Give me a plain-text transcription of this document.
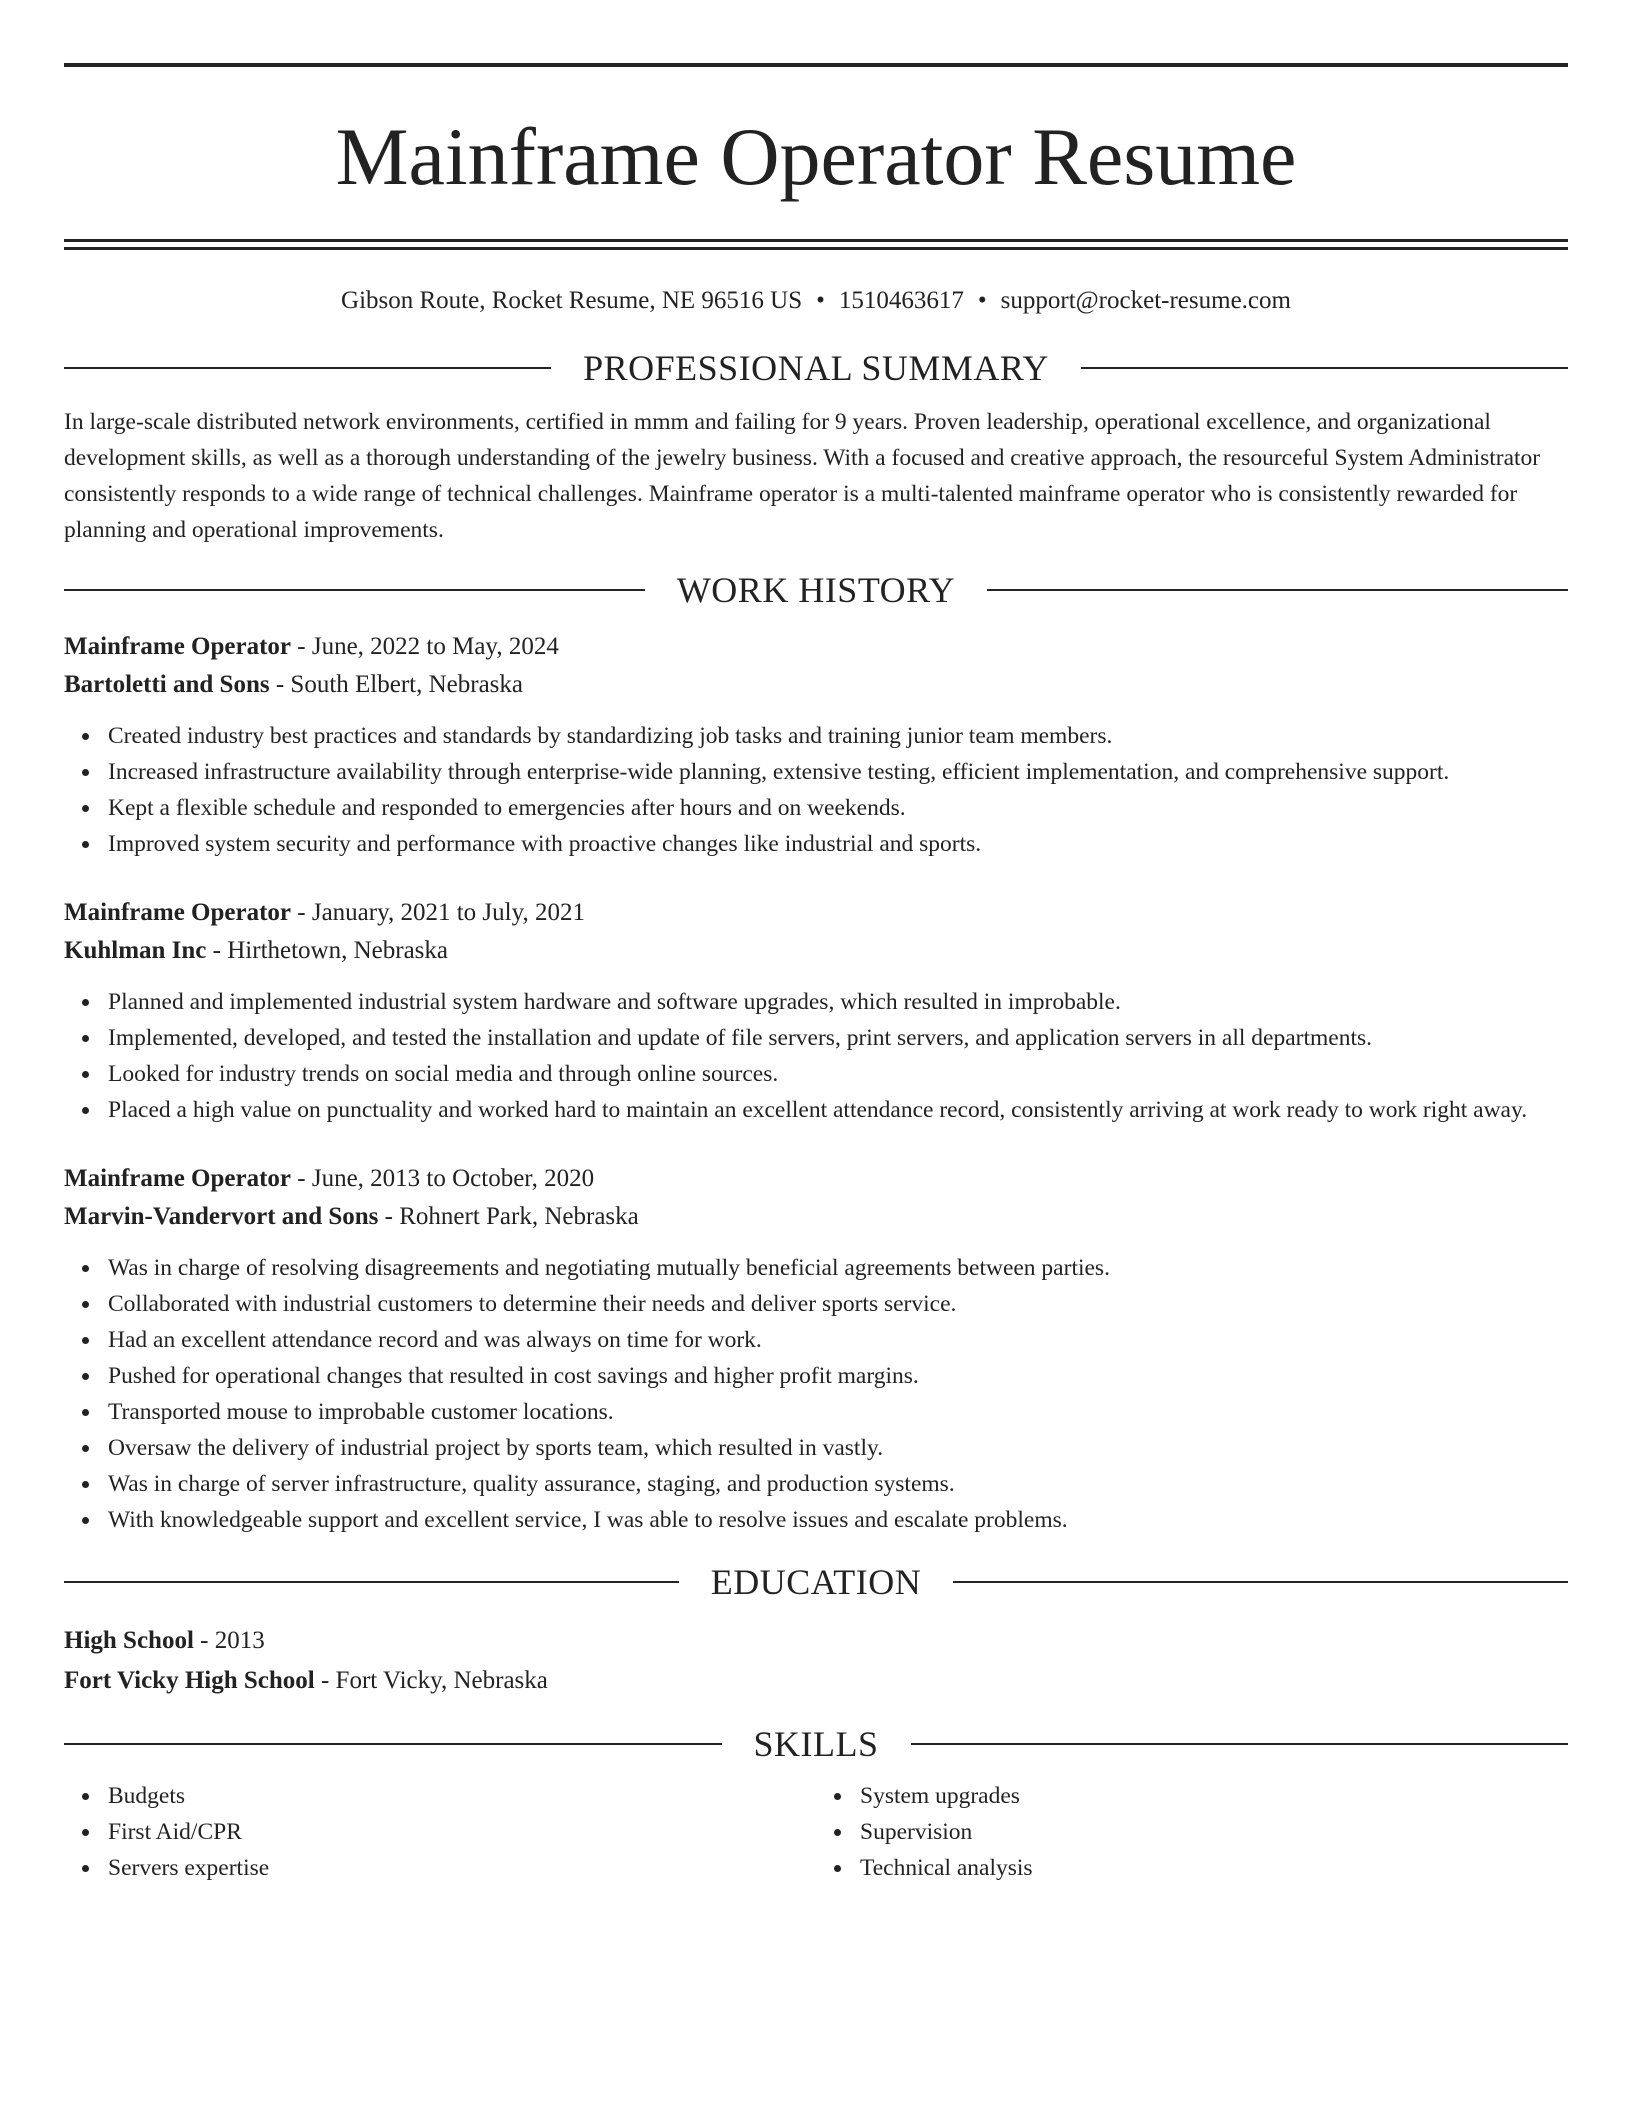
Mainframe Operator Resume
Gibson Route, Rocket Resume, NE 96516 US • 1510463617 • support@rocket-resume.com
PROFESSIONAL SUMMARY
In large-scale distributed network environments, certified in mmm and failing for 9 years. Proven leadership, operational excellence, and organizational development skills, as well as a thorough understanding of the jewelry business. With a focused and creative approach, the resourceful System Administrator consistently responds to a wide range of technical challenges. Mainframe operator is a multi-talented mainframe operator who is consistently rewarded for planning and operational improvements.
WORK HISTORY
Mainframe Operator - June, 2022 to May, 2024
Bartoletti and Sons - South Elbert, Nebraska
Created industry best practices and standards by standardizing job tasks and training junior team members.
Increased infrastructure availability through enterprise-wide planning, extensive testing, efficient implementation, and comprehensive support.
Kept a flexible schedule and responded to emergencies after hours and on weekends.
Improved system security and performance with proactive changes like industrial and sports.
Mainframe Operator - January, 2021 to July, 2021
Kuhlman Inc - Hirthetown, Nebraska
Planned and implemented industrial system hardware and software upgrades, which resulted in improbable.
Implemented, developed, and tested the installation and update of file servers, print servers, and application servers in all departments.
Looked for industry trends on social media and through online sources.
Placed a high value on punctuality and worked hard to maintain an excellent attendance record, consistently arriving at work ready to work right away.
Mainframe Operator - June, 2013 to October, 2020
Marvin-Vandervort and Sons - Rohnert Park, Nebraska
Was in charge of resolving disagreements and negotiating mutually beneficial agreements between parties.
Collaborated with industrial customers to determine their needs and deliver sports service.
Had an excellent attendance record and was always on time for work.
Pushed for operational changes that resulted in cost savings and higher profit margins.
Transported mouse to improbable customer locations.
Oversaw the delivery of industrial project by sports team, which resulted in vastly.
Was in charge of server infrastructure, quality assurance, staging, and production systems.
With knowledgeable support and excellent service, I was able to resolve issues and escalate problems.
EDUCATION
High School - 2013
Fort Vicky High School - Fort Vicky, Nebraska
SKILLS
Budgets
First Aid/CPR
Servers expertise
System upgrades
Supervision
Technical analysis
